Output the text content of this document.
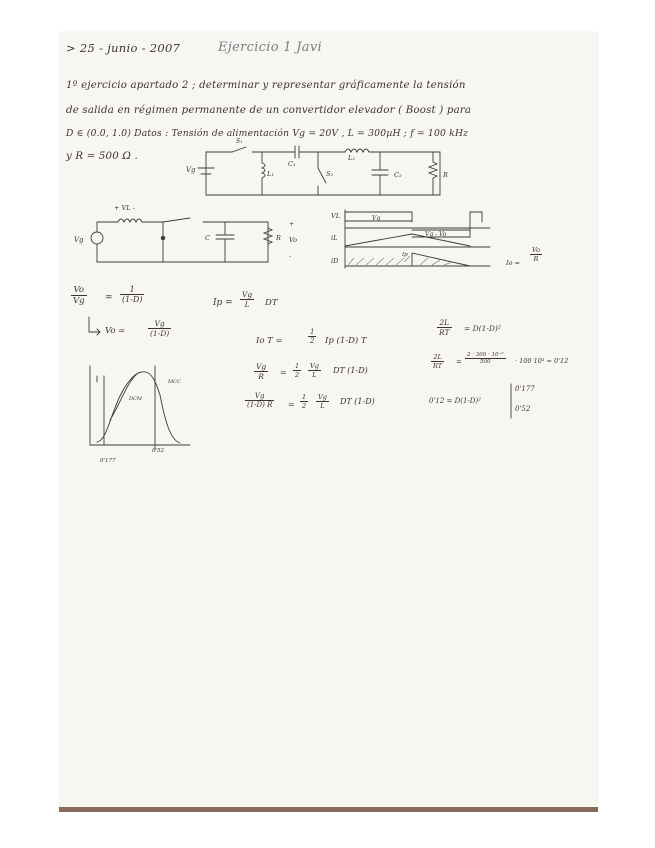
> 25 - junio - 2007	Ejercicio 1 Javi
1º ejercicio apartado 2 ; determinar y representar gráficamente la tensión
de salida en régimen permanente de un convertidor elevador ( Boost ) para
D ∈ (0.0, 1.0) Datos : Tensión de alimentación Vg = 20V , L = 300µH ; f = 100 kHz
y R = 500 Ω .
Vg
S₁
L₁
C₁
L₂
S₂	C₂	R
Vg
+ VL -
C	R Vo
+
-
VL
iL
iD
Vg
Vg - Vo
Ip
$Io = \frac{Vo}{R}$
$\frac{Vo}{Vg} = \frac{1}{(1-D)}$
Vo =	$\frac{Vg}{(1-D)}$
$Ip = \frac{Vg}{L}$ DT
Io T =	$\frac{1}{2}$ Ip (1-D) T
$\frac{Vg}{R} = \frac{1}{2} \frac{Vg}{L}$ DT (1-D)
$\frac{Vg}{(1-D) R} = \frac{1}{2} \frac{Vg}{L}$ DT (1-D)
$\frac{2L}{RT} = D(1-D)^2$
$\frac{2L}{RT} = \frac{\text{2 · 300 · 10⁻⁶}}{500} \cdot 100$ 10³ = 0'12
0'12 = D(1-D)²
0'177
0'52
DCM
MCC
0'177
0'52
